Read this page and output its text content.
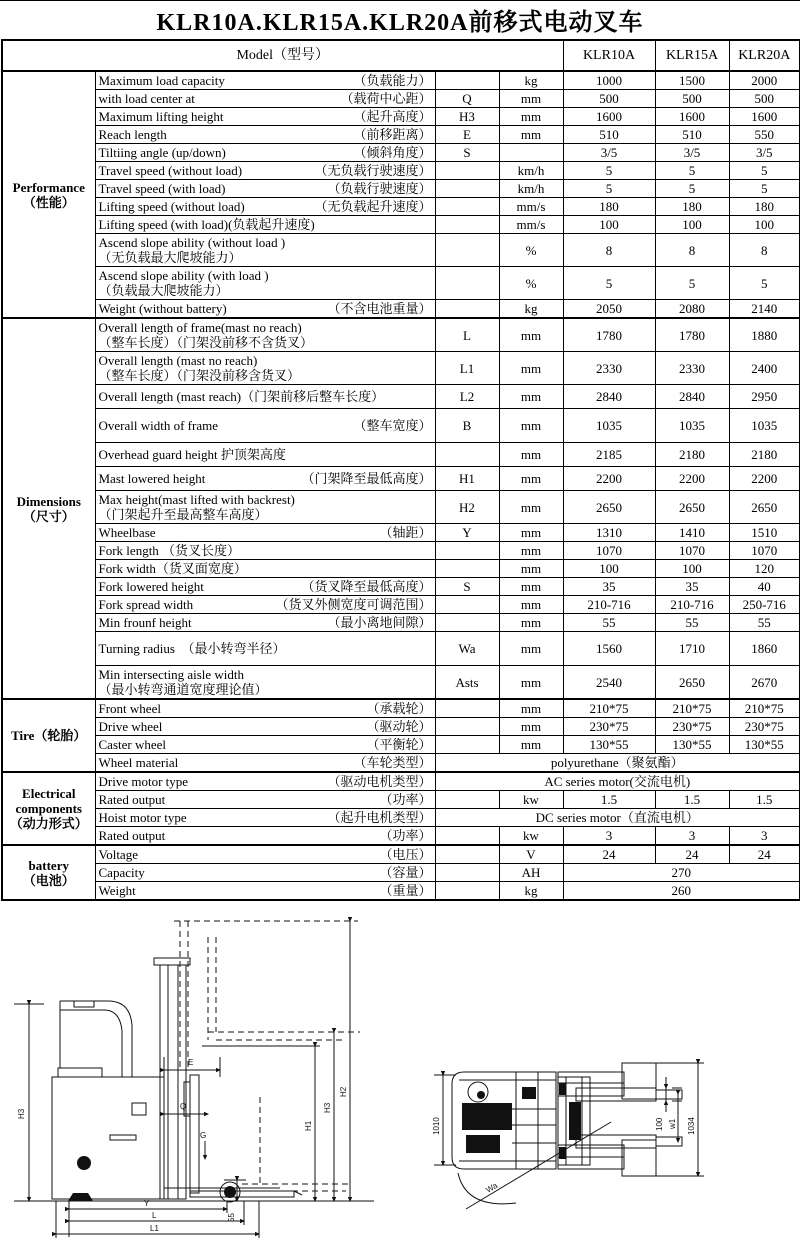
KLR10A.KLR15A.KLR20A前移式电动叉车
Model（型号）				KLR10A	KLR15A	KLR20A

Performance
（性能）
	Maximum load capacity	（负载能力）		kg	1000	1500	2000
	with load center at （载荷中心距）	Q	mm	500	500	500
	Maximum lifting height （起升高度）	H3	mm	1600	1600	1600
	Reach length （前移距离）	E	mm	510	510	550
	Tiltiing angle (up/down) （倾斜角度）	S		3/5	3/5	3/5
	Travel speed (without load) （无负载行驶速度）		km/h	5	5	5
	Travel speed (with load) （负载行驶速度）		km/h	5	5	5
	Lifting speed (without load) （无负载起升速度）		mm/s	180	180	180
	Lifting speed (with load)(负载起升速度)		mm/s	100	100	100

	Ascend slope ability (without load )
（无负载最大爬坡能力）		%	8	8	8

	Ascend slope ability (with load )
（负载最大爬坡能力）		%	5	5	5
	Weight (without battery) （不含电池重量）		kg	2050	2080	2140

Dimensions
（尺寸）

Overall length of frame(mast no reach)
（整车长度）（门架没前移不含货叉）	L	mm	1780	1780	1880

	Overall length (mast no reach)
（整车长度）（门架没前移含货叉）	L1	mm	2330	2330	2400
	Overall length (mast reach)（门架前移后整车长度）	L2	mm	2840	2840	2950
	Overall width of frame （整车宽度）	B	mm	1035	1035	1035
	Overhead guard height 护顶架高度		mm	2185	2180	2180
	Mast lowered height （门架降至最低高度）	H1	mm	2200	2200	2200

	Max height(mast lifted with backrest)
（门架起升至最高整车高度）	H2	mm	2650	2650	2650
	Wheelbase （轴距）	Y	mm	1310	1410	1510
	Fork length （货叉长度）		mm	1070	1070	1070
	Fork width（货叉面宽度）		mm	100	100	120
	Fork lowered height （货叉降至最低高度）	S	mm	35	35	40
	Fork spread width （货叉外侧宽度可调范围）		mm	210-716	210-716	250-716
	Min frounf height （最小离地间隙）		mm	55	55	55
	Turning radius　（最小转弯半径）	Wa	mm	1560	1710	1860

	Min intersecting aisle width
（最小转弯通道宽度理论值）	Asts	mm	2540	2650	2670

Tire（轮胎）	Front wheel （承载轮）		mm	210*75	210*75	210*75
	Drive wheel （驱动轮）		mm	230*75	230*75	230*75
	Caster wheel （平衡轮）		mm	130*55	130*55	130*55
	Wheel material （车轮类型）	polyurethane（聚氨酯）				

Electrical
components
（动力形式）
	Drive motor type	（驱动电机类型）	AC series motor(交流电机)
	Rated output （功率）		kw	1.5	1.5	1.5
	Hoist motor type （起升电机类型）	DC series motor（直流电机）				
	Rated output （功率）		kw	3	3	3

battery
（电池）
	Voltage	（电压）		V	24	24	24
	Capacity （容量）		AH	270		
	Weight （重量）		kg	260		
H3
E
Q
G
H1
H3
H2
55
Y
L
L1
1010	100 w1 1034
Wa
